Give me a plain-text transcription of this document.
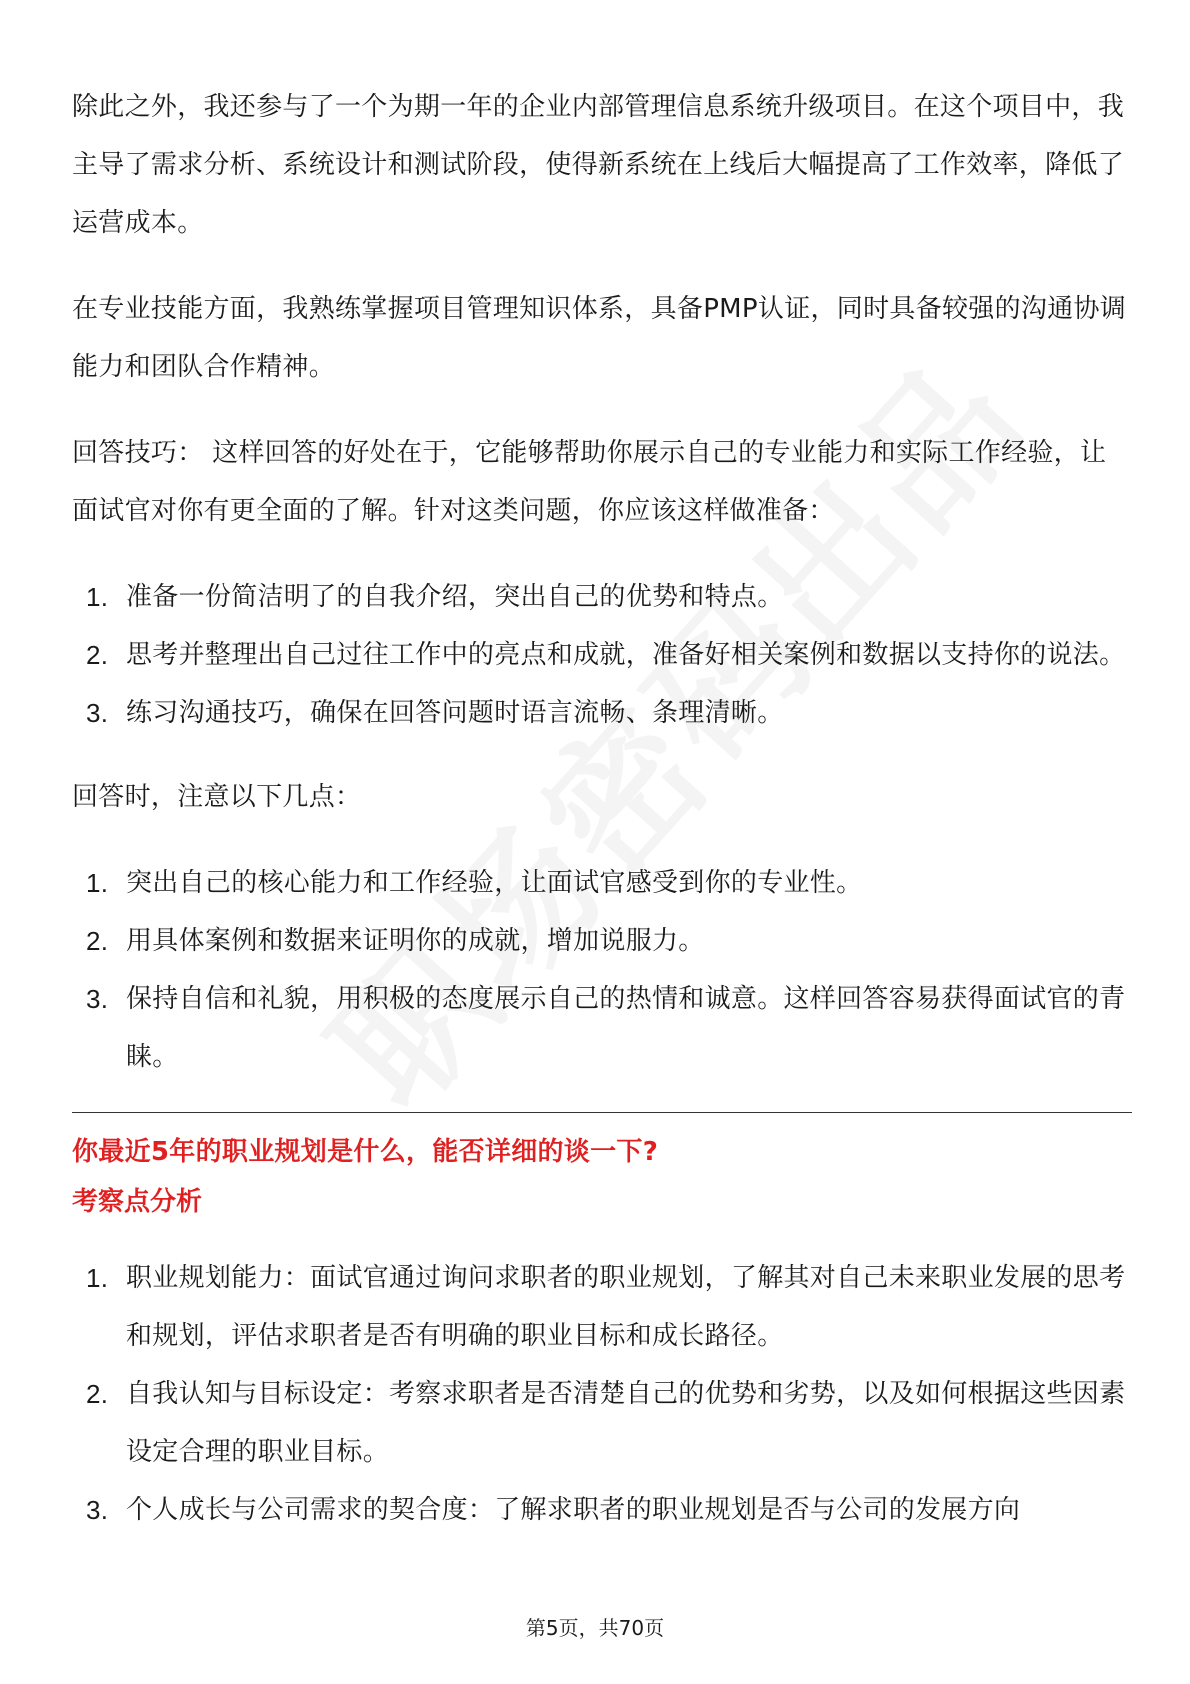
除此之外，我还参与了一个为期一年的企业内部管理信息系统升级项目。在这个项目中，我主导了需求分析、系统设计和测试阶段，使得新系统在上线后大幅提高了工作效率，降低了运营成本。

在专业技能方面，我熟练掌握项目管理知识体系，具备PMP认证，同时具备较强的沟通协调能力和团队合作精神。

回答技巧： 这样回答的好处在于，它能够帮助你展示自己的专业能力和实际工作经验，让面试官对你有更全面的了解。针对这类问题，你应该这样做准备：

1. 准备一份简洁明了的自我介绍，突出自己的优势和特点。
2. 思考并整理出自己过往工作中的亮点和成就，准备好相关案例和数据以支持你的说法。
3. 练习沟通技巧，确保在回答问题时语言流畅、条理清晰。

回答时，注意以下几点：

1. 突出自己的核心能力和工作经验，让面试官感受到你的专业性。
2. 用具体案例和数据来证明你的成就，增加说服力。
3. 保持自信和礼貌，用积极的态度展示自己的热情和诚意。这样回答容易获得面试官的青睐。
你最近5年的职业规划是什么，能否详细的谈一下?
考察点分析
1. 职业规划能力：面试官通过询问求职者的职业规划，了解其对自己未来职业发展的思考和规划，评估求职者是否有明确的职业目标和成长路径。
2. 自我认知与目标设定：考察求职者是否清楚自己的优势和劣势，以及如何根据这些因素设定合理的职业目标。
3. 个人成长与公司需求的契合度：了解求职者的职业规划是否与公司的发展方向
第5页，共70页
